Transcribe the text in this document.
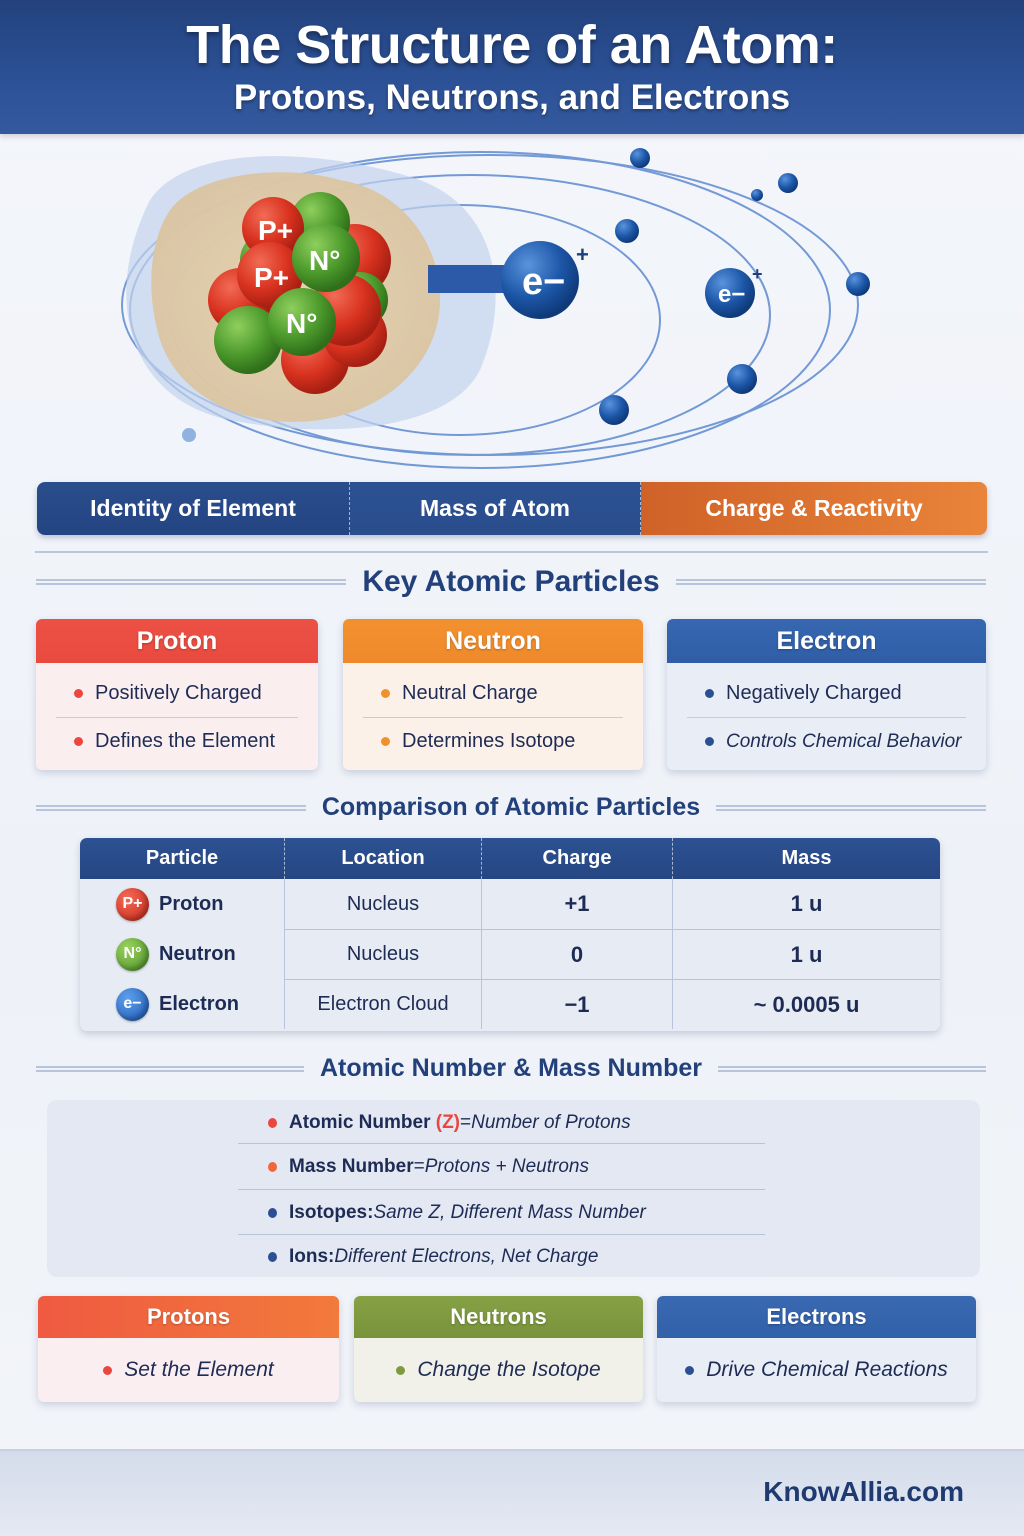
The Structure of an Atom:
Protons, Neutrons, and Electrons
P+
P+
N°
N°
e−
+
e−
+
Identity of Element	Mass of Atom	Charge & Reactivity
Key Atomic Particles
Proton
Positively Charged
Defines the Element
Neutron
Neutral Charge
Determines Isotope
Electron
Negatively Charged
Controls Chemical Behavior
Comparison of Atomic Particles
Particle	Location	Charge	Mass
P+ Proton	Nucleus	+1	1 u
N° Neutron	Nucleus	0	1 u
e− Electron	Electron Cloud	−1	~ 0.0005 u
Atomic Number & Mass Number
Atomic Number
(Z) = Number of Protons
Mass Number = Protons + Neutrons
Isotopes: Same Z, Different Mass Number
Ions: Different Electrons, Net Charge
Protons
Set the Element
Neutrons
Change the Isotope
Electrons
Drive Chemical Reactions
KnowAllia.com
